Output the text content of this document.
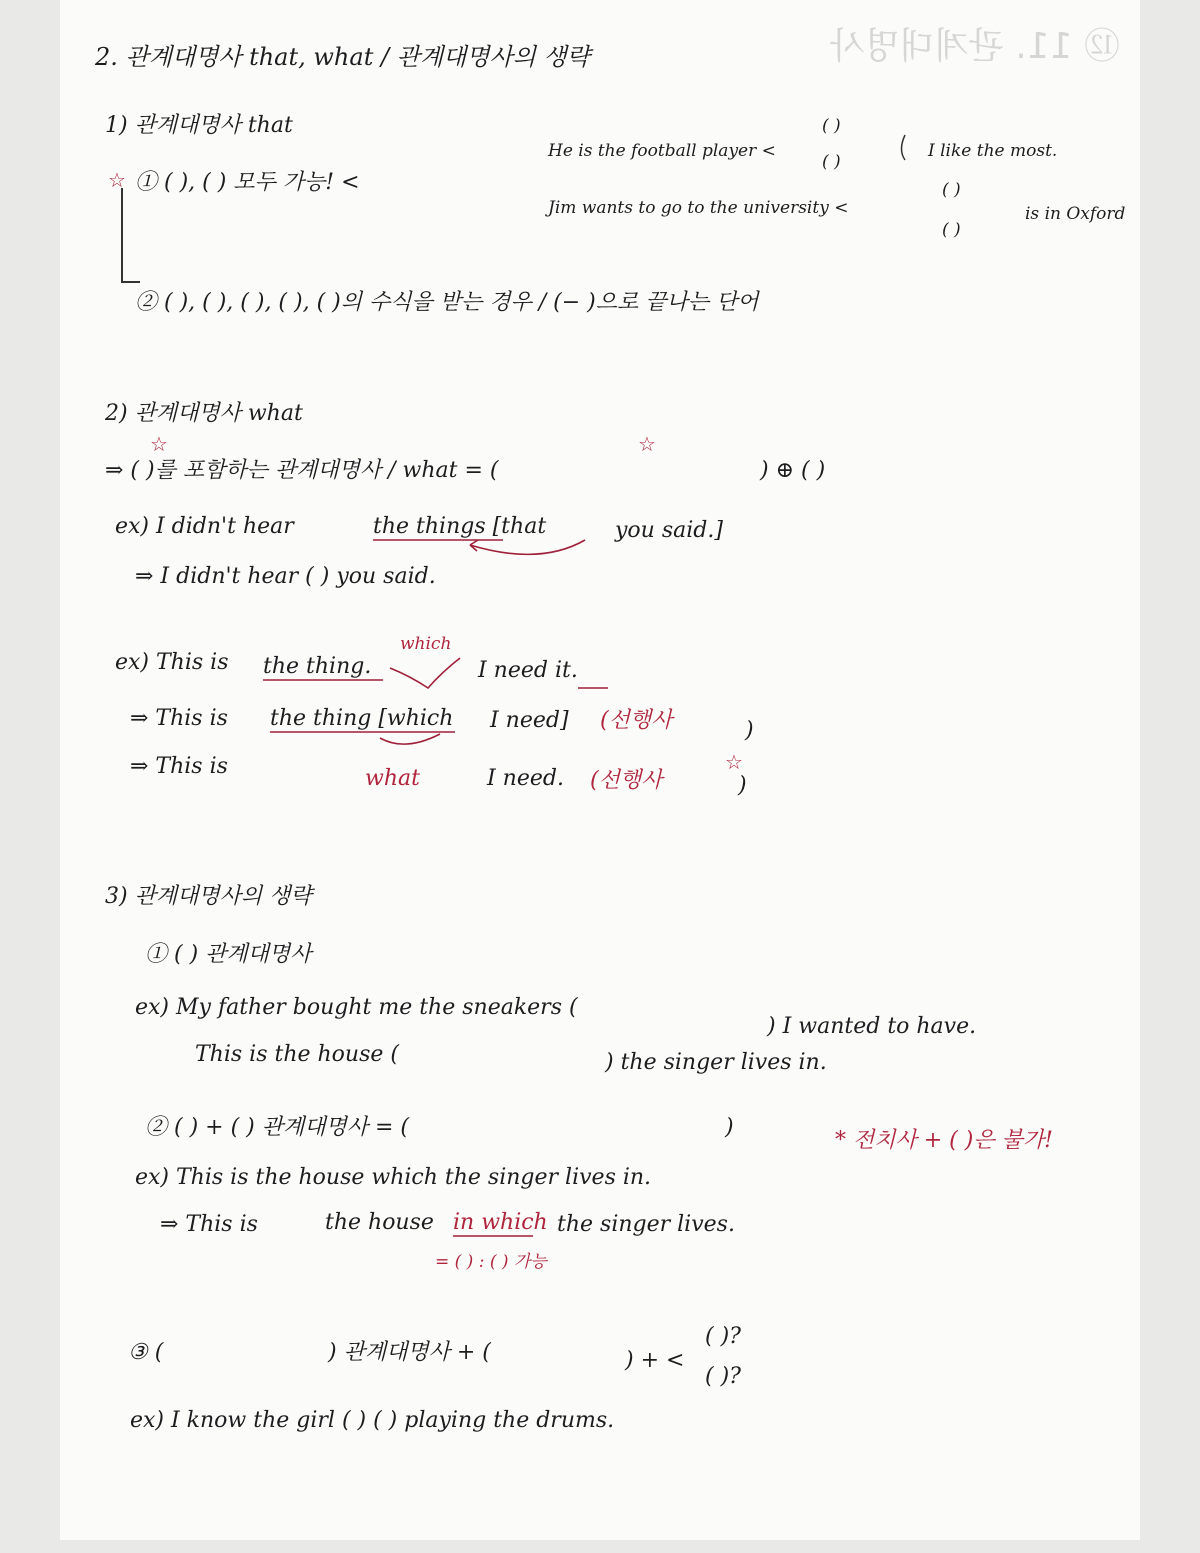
⑫ 11. 관계대명사
2. 관계대명사 that, what / 관계대명사의 생략
1) 관계대명사 that
☆ ① ( ), ( ) 모두 가능! <
He is the football player <
( )
( )
I like the most.
Jim wants to go to the university <
( )
( )
is in Oxford
② ( ), ( ), ( ), ( ), ( )의 수식을 받는 경우 / (− )으로 끝나는 단어
2) 관계대명사 what
☆	☆
⇒ ( )를 포함하는 관계대명사 / what = (	) ⊕ ( )
ex) I didn't hear	the things [that	you said.]
⇒ I didn't hear ( ) you said.
which
ex) This is the thing.	I need it.
⇒ This is the thing [which I need] (선행사	)
⇒ This is	what	I need. (선행사
☆
)
3) 관계대명사의 생략
① ( ) 관계대명사
ex) My father bought me the sneakers (
) I wanted to have.
This is the house (	) the singer lives in.
② ( ) + ( ) 관계대명사 = (	)
* 전치사 + ( )은 불가!
ex) This is the house which the singer lives in.
⇒ This is	the house in which the singer lives.
= ( ) : ( ) 가능
③ (	) 관계대명사 + (	) + <
( )?
( )?
ex) I know the girl ( ) ( ) playing the drums.
